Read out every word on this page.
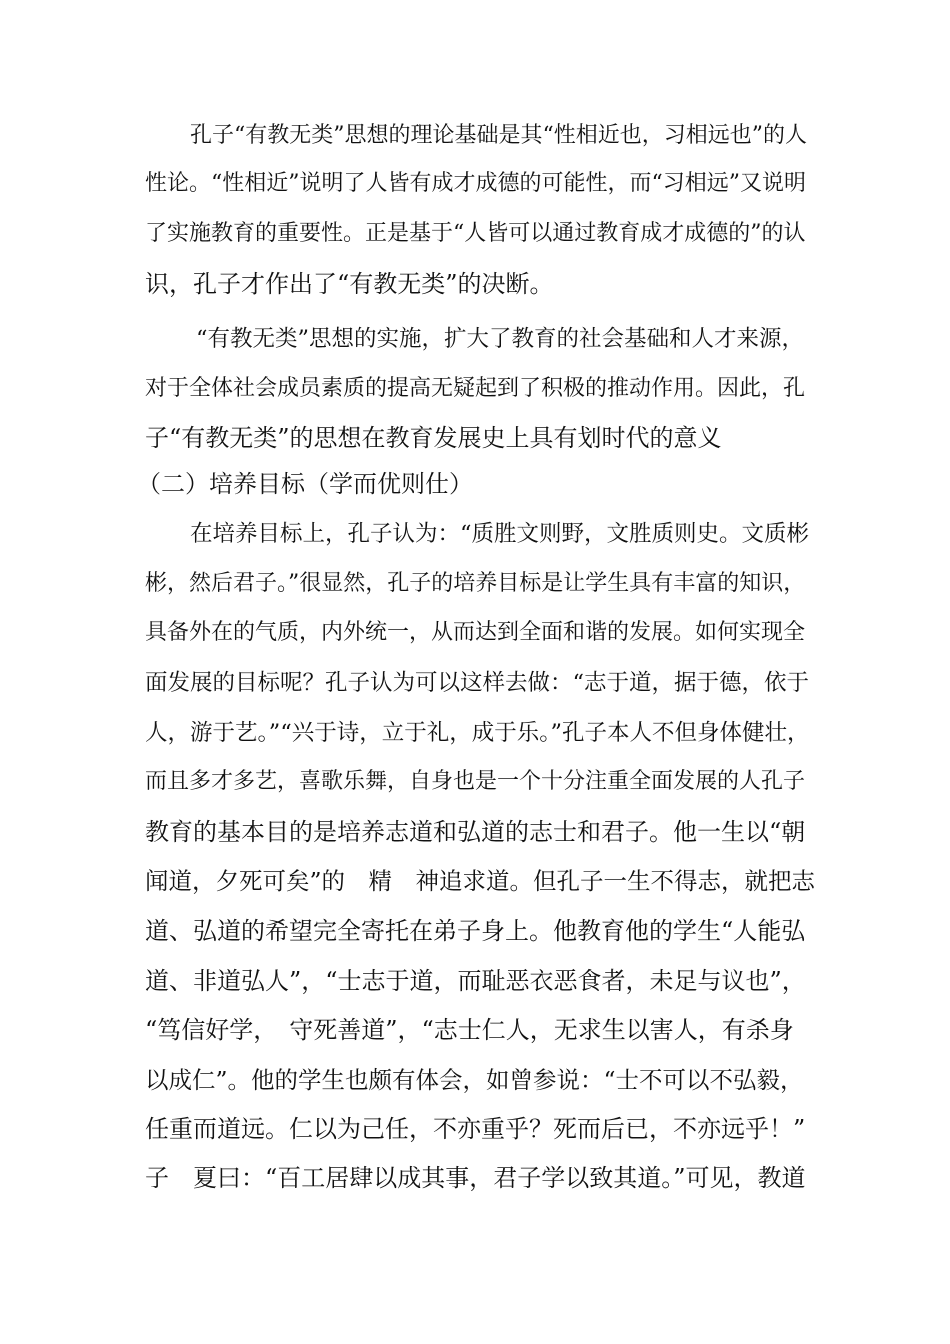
孔子“有教无类”思想的理论基础是其“性相近也，习相远也”的人
性论。“性相近”说明了人皆有成才成德的可能性，而“习相远”又说明
了实施教育的重要性。正是基于“人皆可以通过教育成才成德的”的认
识，孔子才作出了“有教无类”的决断。
“有教无类”思想的实施，扩大了教育的社会基础和人才来源，
对于全体社会成员素质的提高无疑起到了积极的推动作用。因此，孔
子“有教无类”的思想在教育发展史上具有划时代的意义
（二）培养目标（学而优则仕）
在培养目标上，孔子认为：“质胜文则野，文胜质则史。文质彬
彬，然后君子。”很显然，孔子的培养目标是让学生具有丰富的知识，
具备外在的气质，内外统一，从而达到全面和谐的发展。如何实现全
面发展的目标呢？孔子认为可以这样去做：“志于道，据于德，依于
人，游于艺。”“兴于诗，立于礼，成于乐。”孔子本人不但身体健壮，
而且多才多艺，喜歌乐舞，自身也是一个十分注重全面发展的人孔子
教育的基本目的是培养志道和弘道的志士和君子。他一生以“朝
闻道，夕死可矣”的　精　神追求道。但孔子一生不得志，就把志
道、弘道的希望完全寄托在弟子身上。他教育他的学生“人能弘
道、非道弘人”，“士志于道，而耻恶衣恶食者，未足与议也”，
“笃信好学，　守死善道”，“志士仁人，无求生以害人，有杀身
以成仁”。他的学生也颇有体会，如曾参说：“士不可以不弘毅，
任重而道远。仁以为己任，不亦重乎？死而后已，不亦远乎！”
子　夏曰：“百工居肆以成其事，君子学以致其道。”可见，教道
